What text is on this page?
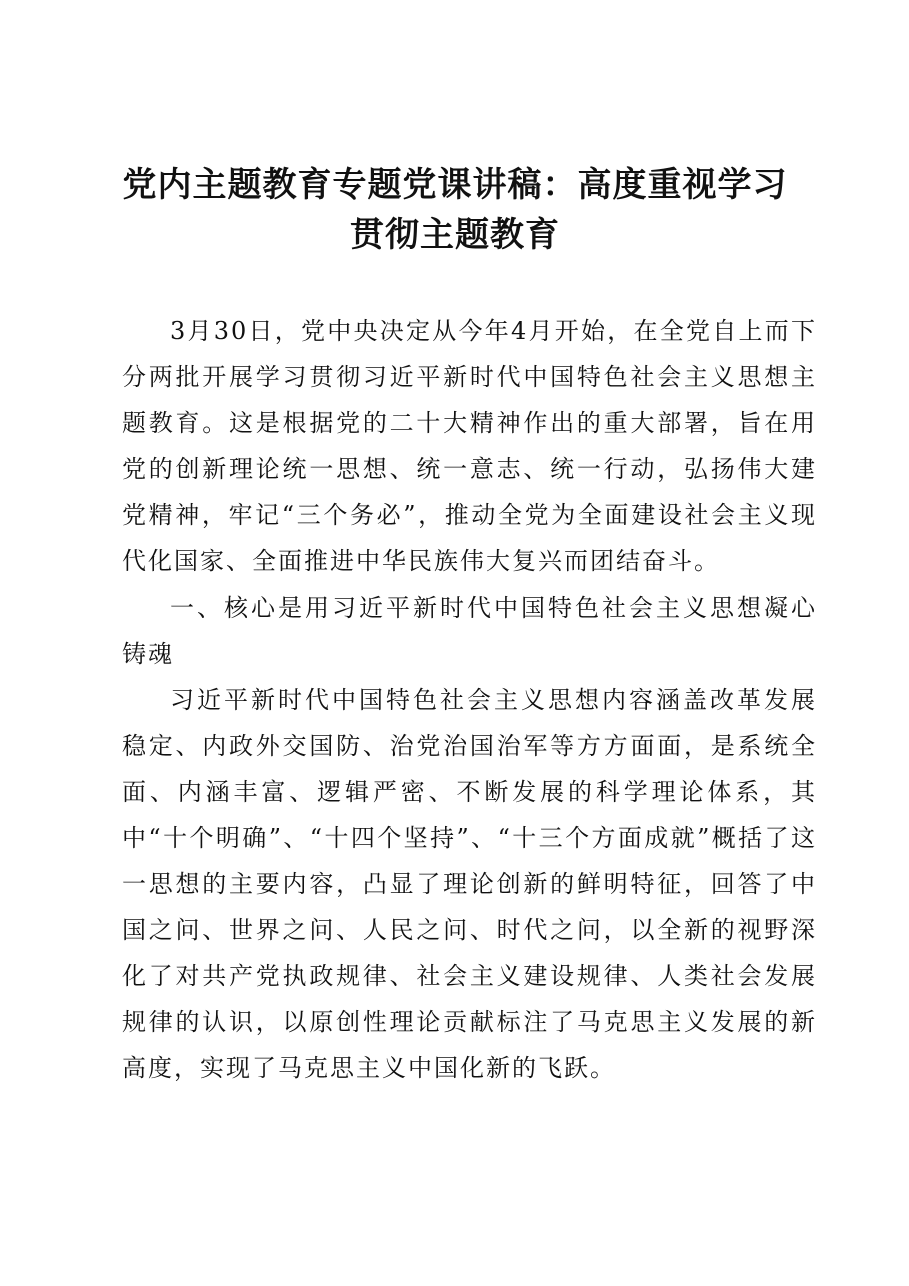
党内主题教育专题党课讲稿：高度重视学习贯彻主题教育

3月30日，党中央决定从今年4月开始，在全党自上而下分两批开展学习贯彻习近平新时代中国特色社会主义思想主题教育。这是根据党的二十大精神作出的重大部署，旨在用党的创新理论统一思想、统一意志、统一行动，弘扬伟大建党精神，牢记“三个务必”，推动全党为全面建设社会主义现代化国家、全面推进中华民族伟大复兴而团结奋斗。

一、核心是用习近平新时代中国特色社会主义思想凝心铸魂

习近平新时代中国特色社会主义思想内容涵盖改革发展稳定、内政外交国防、治党治国治军等方方面面，是系统全面、内涵丰富、逻辑严密、不断发展的科学理论体系，其中“十个明确”、“十四个坚持”、“十三个方面成就”概括了这一思想的主要内容，凸显了理论创新的鲜明特征，回答了中国之问、世界之问、人民之问、时代之问，以全新的视野深化了对共产党执政规律、社会主义建设规律、人类社会发展规律的认识，以原创性理论贡献标注了马克思主义发展的新高度，实现了马克思主义中国化新的飞跃。
